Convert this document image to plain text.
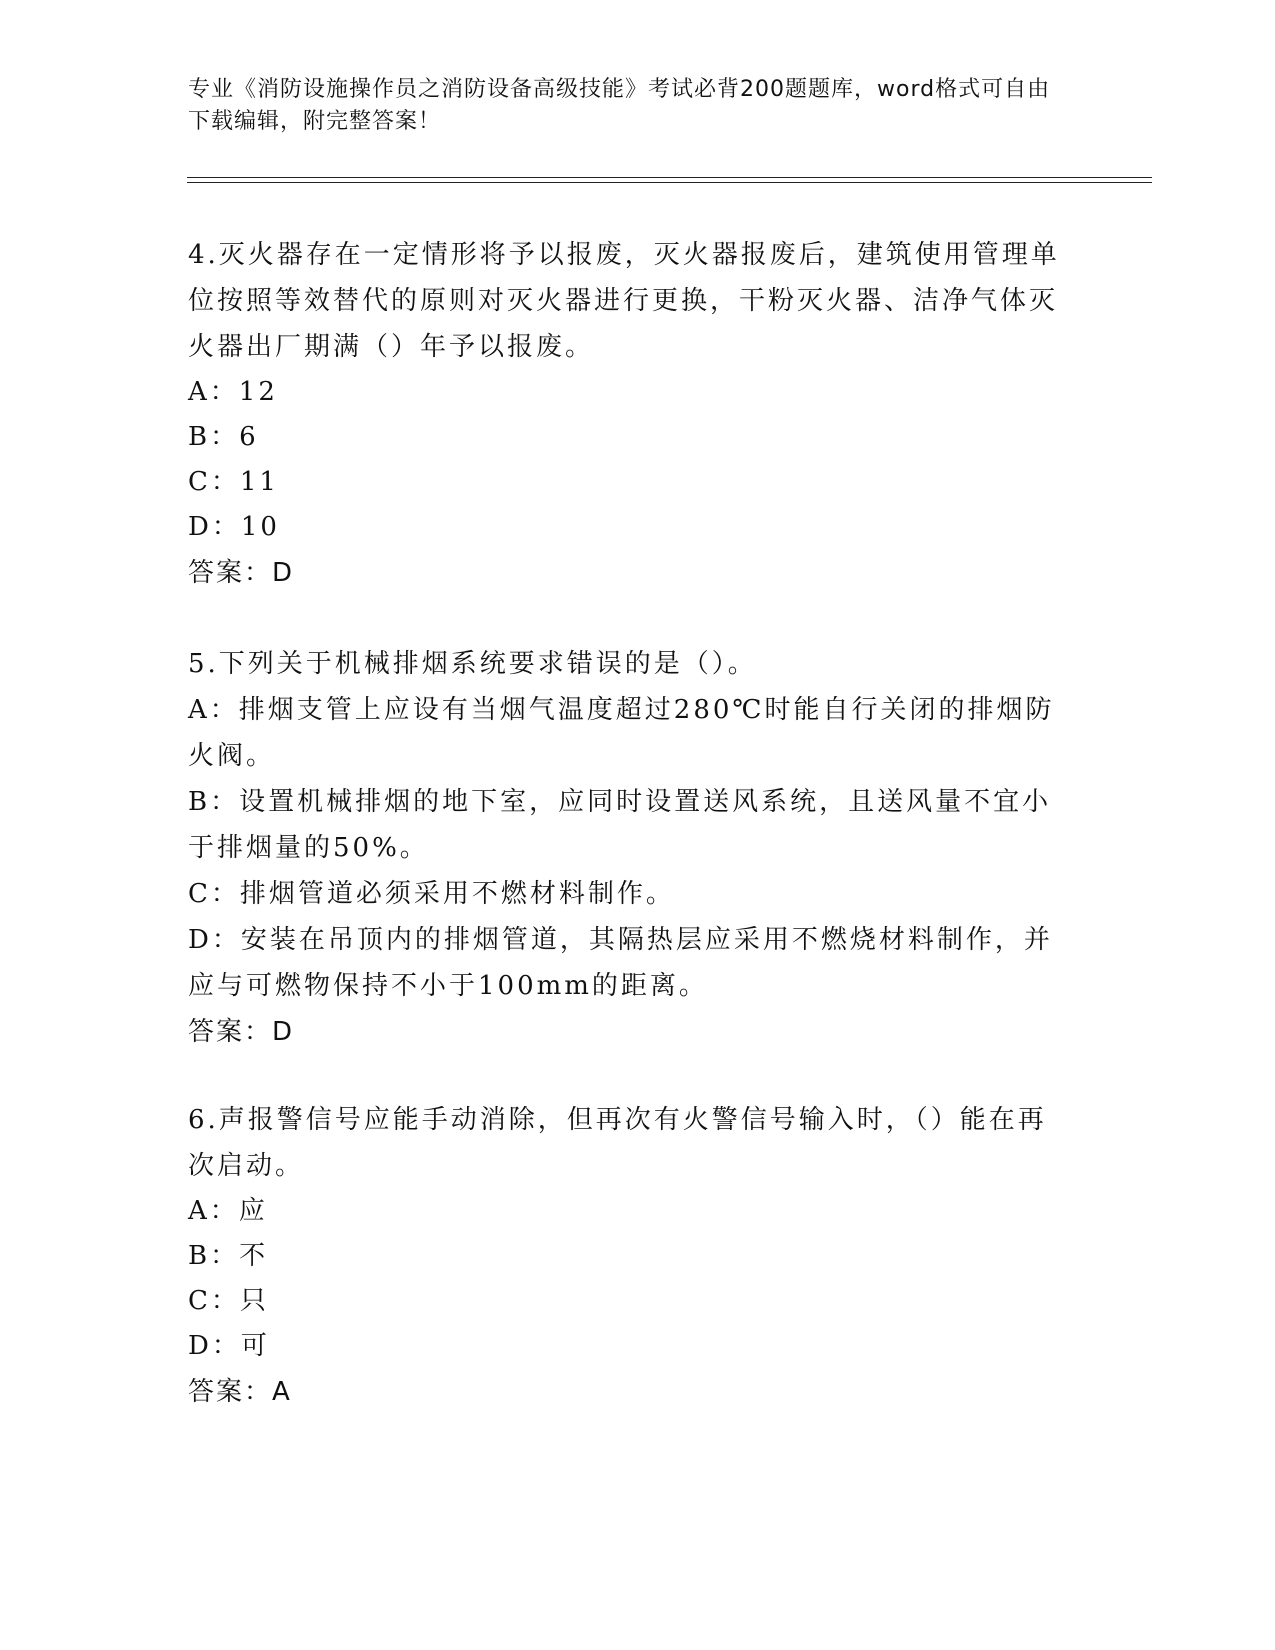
专业《消防设施操作员之消防设备高级技能》考试必背200题题库，word格式可自由下载编辑，附完整答案！

4.灭火器存在一定情形将予以报废，灭火器报废后，建筑使用管理单位按照等效替代的原则对灭火器进行更换，干粉灭火器、洁净气体灭火器出厂期满（）年予以报废。

A：12

B：6

C：11

D：10

答案：D

5.下列关于机械排烟系统要求错误的是（）。

A：排烟支管上应设有当烟气温度超过280℃时能自行关闭的排烟防火阀。

B：设置机械排烟的地下室，应同时设置送风系统，且送风量不宜小于排烟量的50%。

C：排烟管道必须采用不燃材料制作。

D：安装在吊顶内的排烟管道，其隔热层应采用不燃烧材料制作，并应与可燃物保持不小于100mm的距离。

答案：D

6.声报警信号应能手动消除，但再次有火警信号输入时，（）能在再次启动。

A：应

B：不

C：只

D：可

答案：A
